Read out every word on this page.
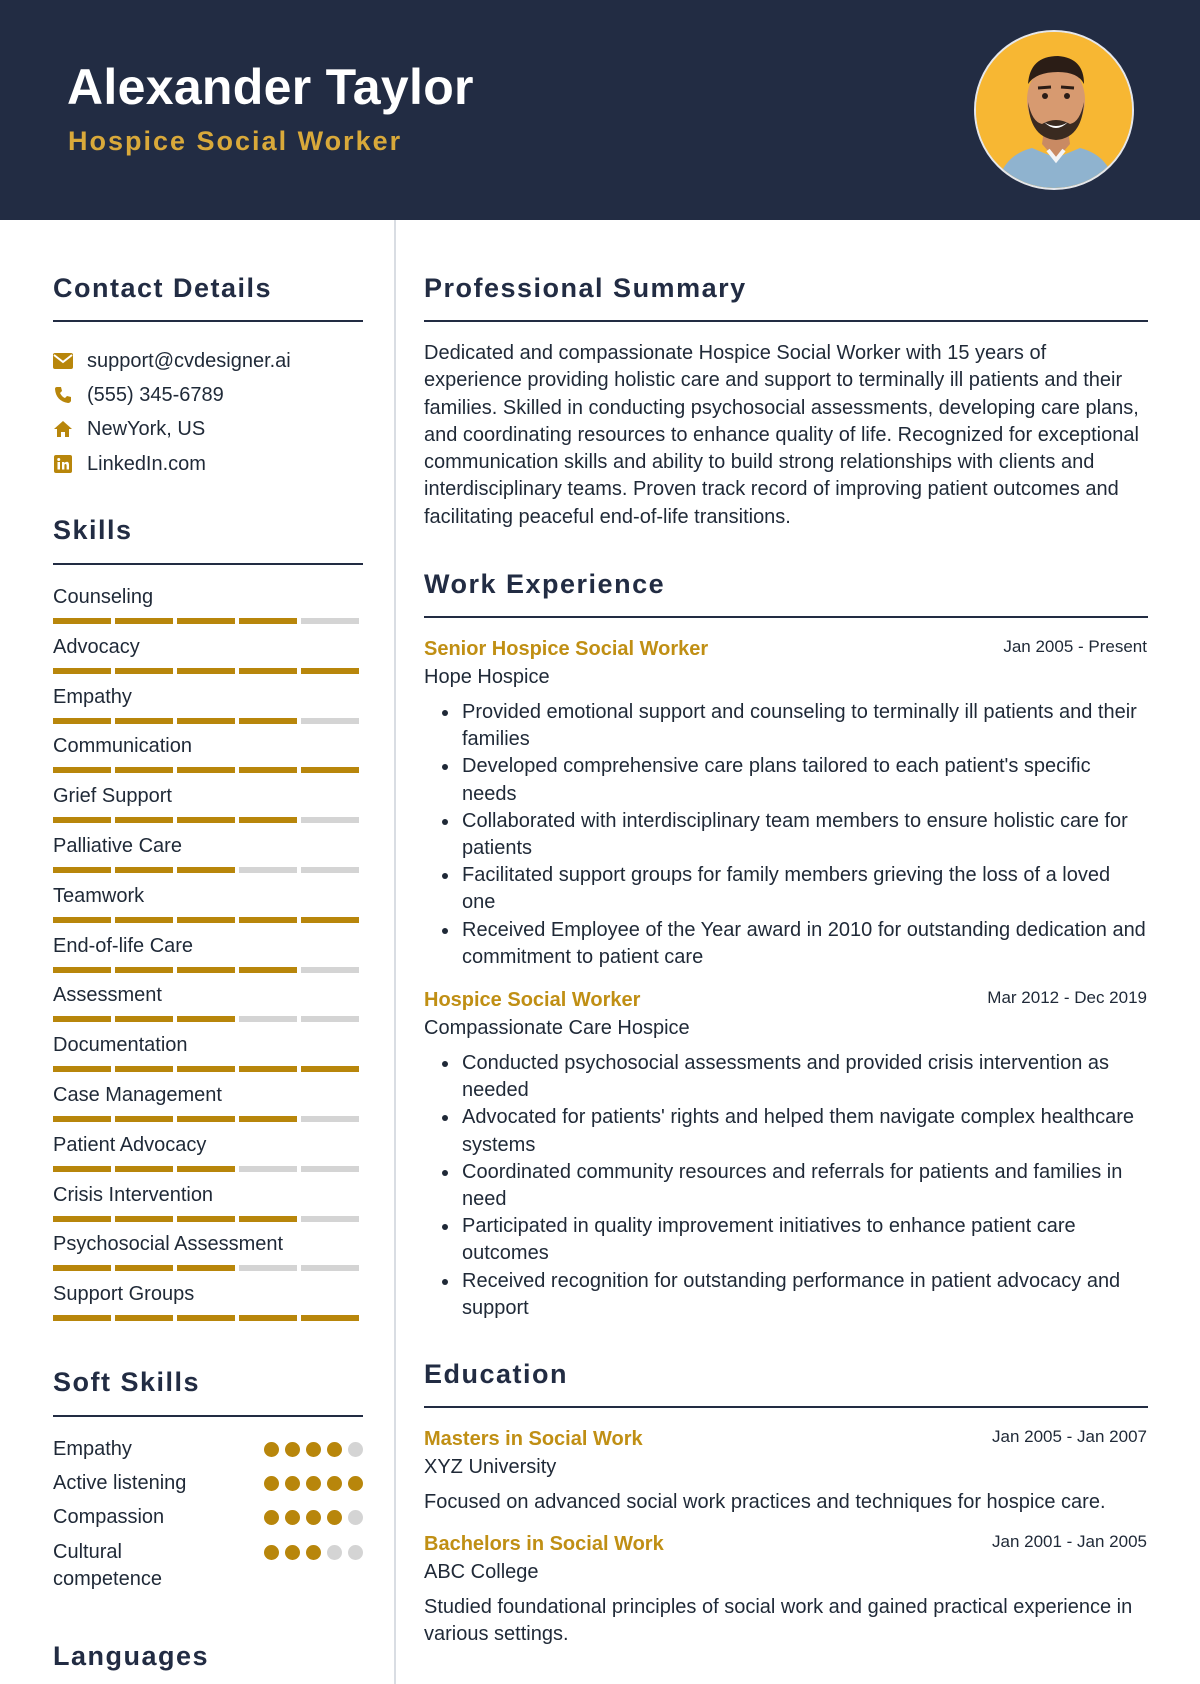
Alexander Taylor
Hospice Social Worker
Contact Details
support@cvdesigner.ai
(555) 345-6789
NewYork, US
LinkedIn.com
Skills
Counseling
Advocacy
Empathy
Communication
Grief Support
Palliative Care
Teamwork
End-of-life Care
Assessment
Documentation
Case Management
Patient Advocacy
Crisis Intervention
Psychosocial Assessment
Support Groups
Soft Skills
Empathy
Active listening
Compassion
Cultural competence
Languages
Professional Summary
Dedicated and compassionate Hospice Social Worker with 15 years of experience providing holistic care and support to terminally ill patients and their families. Skilled in conducting psychosocial assessments, developing care plans, and coordinating resources to enhance quality of life. Recognized for exceptional communication skills and ability to build strong relationships with clients and interdisciplinary teams. Proven track record of improving patient outcomes and facilitating peaceful end-of-life transitions.
Work Experience
Senior Hospice Social Worker	Jan 2005 - Present
Hope Hospice
Provided emotional support and counseling to terminally ill patients and their families
Developed comprehensive care plans tailored to each patient's specific needs
Collaborated with interdisciplinary team members to ensure holistic care for patients
Facilitated support groups for family members grieving the loss of a loved one
Received Employee of the Year award in 2010 for outstanding dedication and commitment to patient care
Hospice Social Worker	Mar 2012 - Dec 2019
Compassionate Care Hospice
Conducted psychosocial assessments and provided crisis intervention as needed
Advocated for patients' rights and helped them navigate complex healthcare systems
Coordinated community resources and referrals for patients and families in need
Participated in quality improvement initiatives to enhance patient care outcomes
Received recognition for outstanding performance in patient advocacy and support
Education
Masters in Social Work	Jan 2005 - Jan 2007
XYZ University
Focused on advanced social work practices and techniques for hospice care.
Bachelors in Social Work	Jan 2001 - Jan 2005
ABC College
Studied foundational principles of social work and gained practical experience in various settings.
